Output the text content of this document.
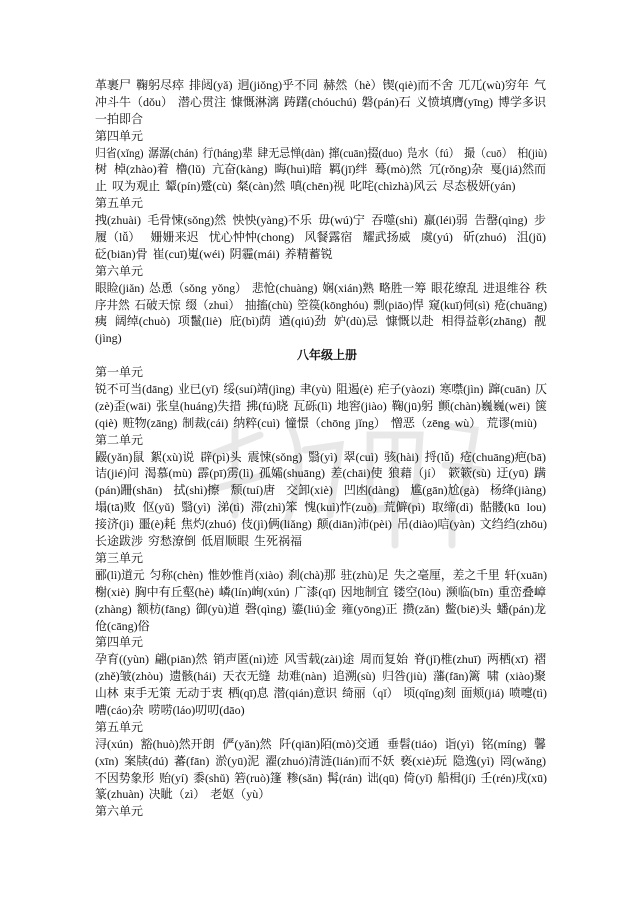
革裹尸 鞠躬尽瘁 排闼(yǎ) 迥(jiǒng)乎不同 赫然（hè）锲(qiè)而不舍 兀兀(wù)穷年 气
冲斗牛（dǒu） 潜心贯注 慷慨淋漓 踌躇(chóuchú) 磐(pán)石 义愤填膺(yīng) 博学多识
一拍即合
第四单元
归省(xǐng) 潺潺(chán) 行(háng)辈 肆无忌惮(dàn) 撺(cuān)掇(duo) 凫水（fú） 撮（cuō） 桕(jiù)
树 棹(zhào)着 橹(lǔ) 亢奋(kàng) 晦(huì)暗 羁(jī)绊 蓦(mò)然 冗(rǒng)杂 戛(jiá)然而
止 叹为观止 颦(pín)蹙(cù) 粲(càn)然 嗔(chēn)视 叱咤(chìzhà)风云 尽态极妍(yán)
第五单元
拽(zhuài) 毛骨悚(sǒng)然 怏怏(yàng)不乐 毋(wú)宁 吞噬(shì) 羸(léi)弱 告罄(qìng) 步
履（lǚ） 姗姗来迟 忧心忡忡(chong) 风餐露宿 耀武扬威 虞(yú) 斫(zhuó) 沮(jǔ)
砭(biān)骨 崔(cuī)嵬(wéi) 阴霾(mái) 养精蓄锐
第六单元
眼睑(jiǎn) 怂恿（sǒng yǒng） 悲怆(chuàng) 娴(xián)熟 略胜一筹 眼花缭乱 进退维谷 秩
序井然 石破天惊 缀（zhuì） 抽搐(chù) 箜篌(kōnghóu) 剽(piāo)悍 窥(kuī)伺(sì) 疮(chuāng)
痍 阔绰(chuò) 项鬣(liè) 庇(bì)荫 遒(qiú)劲 妒(dù)忌 慷慨以赴 相得益彰(zhāng) 靓
(jìng)
八年级上册
第一单元
锐不可当(dāng) 业已(yǐ) 绥(suí)靖(jìng) 聿(yù) 阻遏(è) 疟子(yàozi) 寒噤(jìn) 蹿(cuān) 仄
(zè)歪(wāi) 张皇(huáng)失措 拂(fú)晓 瓦砾(lì) 地窖(jiào) 鞠(jū)躬 颤(chàn)巍巍(wēi) 箧
(qiè) 赃物(zāng) 制裁(cái) 纳粹(cuì) 憧憬（chōng jǐng） 憎恶（zēng wù） 荒谬(miù)
第二单元
鼹(yǎn)鼠 絮(xù)说 辟(pì)头 震悚(sǒng) 翳(yì) 翠(cuì) 骇(hài) 捋(lǚ) 疮(chuāng)疤(bā)
诘(jié)问 渴慕(mù) 霹(pī)雳(lì) 孤孀(shuāng) 差(chāi)使 狼藉（jí） 簌簌(sù) 迂(yū) 蹒
(pán)跚(shān) 拭(shì)擦 颓(tuí)唐 交卸(xiè) 凹凼(dàng) 尴(gān)尬(gà) 杨绛(jiàng)
塌(tā)败 伛(yǔ) 翳(yì) 涕(tì) 滞(zhì)笨 愧(kuì)怍(zuò) 荒僻(pì) 取缔(dì) 骷髅(kū lou)
接济(jì) 噩(è)耗 焦灼(zhuó) 伎(jì)俩(liǎng) 颠(diān)沛(pèi) 吊(diào)唁(yàn) 文绉绉(zhōu)
长途跋涉 穷愁潦倒 低眉顺眼 生死祸福
第三单元
郦(lì)道元 匀称(chèn) 惟妙惟肖(xiào) 刹(chà)那 驻(zhù)足 失之毫厘，差之千里 轩(xuān)
榭(xiè) 胸中有丘壑(hè) 嶙(lín)峋(xún) 广漆(qī) 因地制宜 镂空(lòu) 濒临(bīn) 重峦叠嶂
(zhàng) 额枋(fāng) 御(yù)道 磬(qìng) 鎏(liú)金 雍(yōng)正 攒(zǎn) 鳖(biē)头 蟠(pán)龙
伧(cāng)俗
第四单元
孕育((yùn) 翩(piān)然 销声匿(nì)迹 风雪载(zài)途 周而复始 脊(jǐ)椎(zhuī) 两栖(xī) 褶
(zhě)皱(zhòu) 遗骸(hái) 天衣无缝 劫难(nàn) 追溯(sù) 归咎(jiù) 藩(fān)篱 啸 (xiào)聚
山林 束手无策 无动于衷 栖(qī)息 潜(qián)意识 绮丽（qǐ） 顷(qǐng)刻 面颊(jiá) 喷嚏(tì)
嘈(cáo)杂 唠唠(láo)叨叨(dāo)
第五单元
浔(xún) 豁(huò)然开朗 俨(yǎn)然 阡(qiān)陌(mò)交通 垂髫(tiáo) 诣(yì) 铭(míng) 馨
(xīn) 案牍(dú) 蕃(fān) 淤(yū)泥 濯(zhuó)清涟(lián)而不妖 亵(xiè)玩 隐逸(yì) 罔(wǎng)
不因势象形 贻(yí) 黍(shǔ) 箬(ruò)篷 糁(sǎn) 髯(rán) 诎(qū) 倚(yǐ) 船楫(jí) 壬(rén)戌(xū)
篆(zhuàn) 决眦（zì） 老妪（yù）
第六单元
